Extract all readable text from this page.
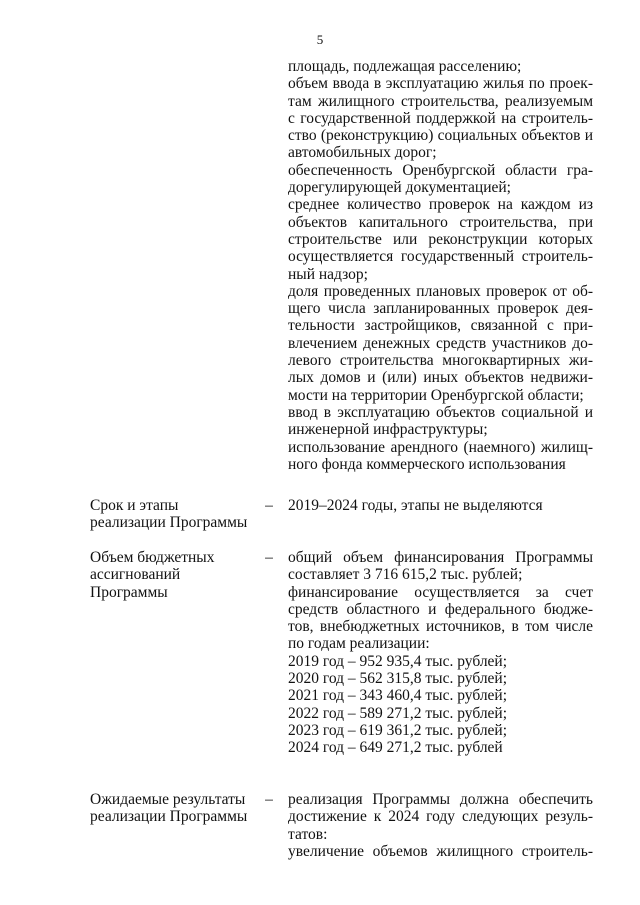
5
площадь, подлежащая расселению;
объем ввода в эксплуатацию жилья по проек-
там жилищного строительства, реализуемым
с государственной поддержкой на строитель-
ство (реконструкцию) социальных объектов и
автомобильных дорог;
обеспеченность Оренбургской области гра-
дорегулирующей документацией;
среднее количество проверок на каждом из
объектов капитального строительства, при
строительстве или реконструкции которых
осуществляется государственный строитель-
ный надзор;
доля проведенных плановых проверок от об-
щего числа запланированных проверок дея-
тельности застройщиков, связанной с при-
влечением денежных средств участников до-
левого строительства многоквартирных жи-
лых домов и (или) иных объектов недвижи-
мости на территории Оренбургской области;
ввод в эксплуатацию объектов социальной и
инженерной инфраструктуры;
использование арендного (наемного) жилищ-
ного фонда коммерческого использования
Срок и этапы
реализации Программы
– 2019–2024 годы, этапы не выделяются
Объем бюджетных
ассигнований
Программы
– общий объем финансирования Программы
составляет 3 716 615,2 тыс. рублей;
финансирование осуществляется за счет
средств областного и федерального бюдже-
тов, внебюджетных источников, в том числе
по годам реализации:
2019 год – 952 935,4 тыс. рублей;
2020 год – 562 315,8 тыс. рублей;
2021 год – 343 460,4 тыс. рублей;
2022 год – 589 271,2 тыс. рублей;
2023 год – 619 361,2 тыс. рублей;
2024 год – 649 271,2 тыс. рублей
Ожидаемые результаты
реализации Программы
– реализация Программы должна обеспечить
достижение к 2024 году следующих резуль-
татов:
увеличение объемов жилищного строитель-
